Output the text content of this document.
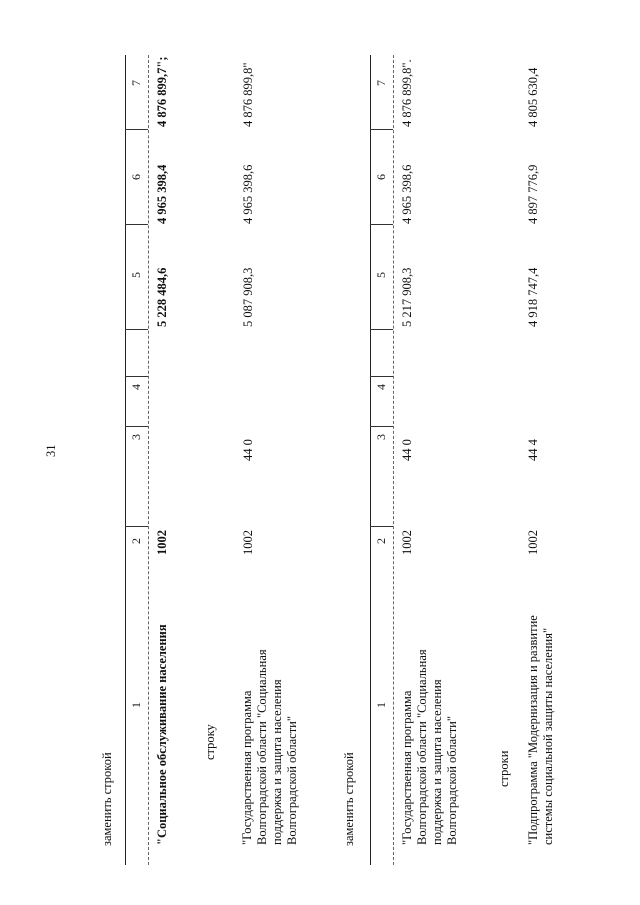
31
заменить строкой
1
2
3
4
5
6
7
"Социальное обслуживание населения
1002
5 228 484,6
4 965 398,4
4 876 899,7";
строку "Государственная программа Волгоградской области "Социальная поддержка и защита населения Волгоградской области"
1002
44 0
5 087 908,3
4 965 398,6
4 876 899,8"
заменить строкой
1
2
3
4
5
6
7
"Государственная программа Волгоградской области "Социальная поддержка и защита населения Волгоградской области"
1002
44 0
5 217 908,3
4 965 398,6
4 876 899,8".
строки "Подпрограмма "Модернизация и развитие системы социальной защиты населения"
1002
44 4
4 918 747,4
4 897 776,9
4 805 630,4
